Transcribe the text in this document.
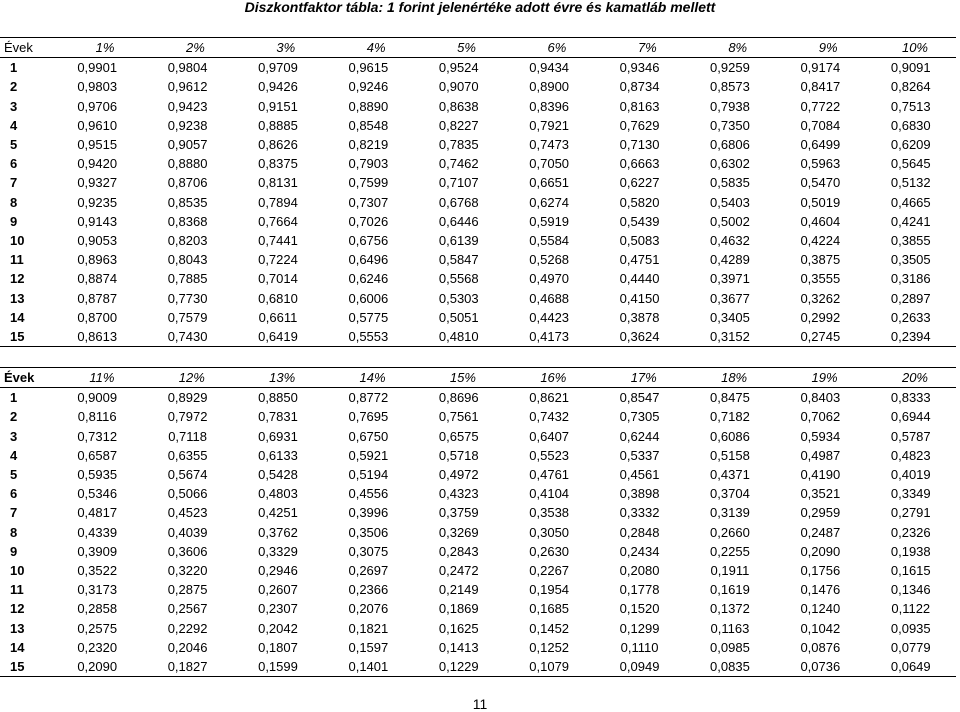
Diszkontfaktor tábla: 1 forint jelenértéke adott évre és kamatláb mellett
Évek	1%	2%	3%	4%	5%	6%	7%	8%	9%	10%
1	0,9901	0,9804	0,9709	0,9615	0,9524	0,9434	0,9346	0,9259	0,9174	0,9091
2	0,9803	0,9612	0,9426	0,9246	0,9070	0,8900	0,8734	0,8573	0,8417	0,8264
3	0,9706	0,9423	0,9151	0,8890	0,8638	0,8396	0,8163	0,7938	0,7722	0,7513
4	0,9610	0,9238	0,8885	0,8548	0,8227	0,7921	0,7629	0,7350	0,7084	0,6830
5	0,9515	0,9057	0,8626	0,8219	0,7835	0,7473	0,7130	0,6806	0,6499	0,6209
6	0,9420	0,8880	0,8375	0,7903	0,7462	0,7050	0,6663	0,6302	0,5963	0,5645
7	0,9327	0,8706	0,8131	0,7599	0,7107	0,6651	0,6227	0,5835	0,5470	0,5132
8	0,9235	0,8535	0,7894	0,7307	0,6768	0,6274	0,5820	0,5403	0,5019	0,4665
9	0,9143	0,8368	0,7664	0,7026	0,6446	0,5919	0,5439	0,5002	0,4604	0,4241
10	0,9053	0,8203	0,7441	0,6756	0,6139	0,5584	0,5083	0,4632	0,4224	0,3855
11	0,8963	0,8043	0,7224	0,6496	0,5847	0,5268	0,4751	0,4289	0,3875	0,3505
12	0,8874	0,7885	0,7014	0,6246	0,5568	0,4970	0,4440	0,3971	0,3555	0,3186
13	0,8787	0,7730	0,6810	0,6006	0,5303	0,4688	0,4150	0,3677	0,3262	0,2897
14	0,8700	0,7579	0,6611	0,5775	0,5051	0,4423	0,3878	0,3405	0,2992	0,2633
15	0,8613	0,7430	0,6419	0,5553	0,4810	0,4173	0,3624	0,3152	0,2745	0,2394
Évek	11%	12%	13%	14%	15%	16%	17%	18%	19%	20%
1	0,9009	0,8929	0,8850	0,8772	0,8696	0,8621	0,8547	0,8475	0,8403	0,8333
2	0,8116	0,7972	0,7831	0,7695	0,7561	0,7432	0,7305	0,7182	0,7062	0,6944
3	0,7312	0,7118	0,6931	0,6750	0,6575	0,6407	0,6244	0,6086	0,5934	0,5787
4	0,6587	0,6355	0,6133	0,5921	0,5718	0,5523	0,5337	0,5158	0,4987	0,4823
5	0,5935	0,5674	0,5428	0,5194	0,4972	0,4761	0,4561	0,4371	0,4190	0,4019
6	0,5346	0,5066	0,4803	0,4556	0,4323	0,4104	0,3898	0,3704	0,3521	0,3349
7	0,4817	0,4523	0,4251	0,3996	0,3759	0,3538	0,3332	0,3139	0,2959	0,2791
8	0,4339	0,4039	0,3762	0,3506	0,3269	0,3050	0,2848	0,2660	0,2487	0,2326
9	0,3909	0,3606	0,3329	0,3075	0,2843	0,2630	0,2434	0,2255	0,2090	0,1938
10	0,3522	0,3220	0,2946	0,2697	0,2472	0,2267	0,2080	0,1911	0,1756	0,1615
11	0,3173	0,2875	0,2607	0,2366	0,2149	0,1954	0,1778	0,1619	0,1476	0,1346
12	0,2858	0,2567	0,2307	0,2076	0,1869	0,1685	0,1520	0,1372	0,1240	0,1122
13	0,2575	0,2292	0,2042	0,1821	0,1625	0,1452	0,1299	0,1163	0,1042	0,0935
14	0,2320	0,2046	0,1807	0,1597	0,1413	0,1252	0,1110	0,0985	0,0876	0,0779
15	0,2090	0,1827	0,1599	0,1401	0,1229	0,1079	0,0949	0,0835	0,0736	0,0649
11
